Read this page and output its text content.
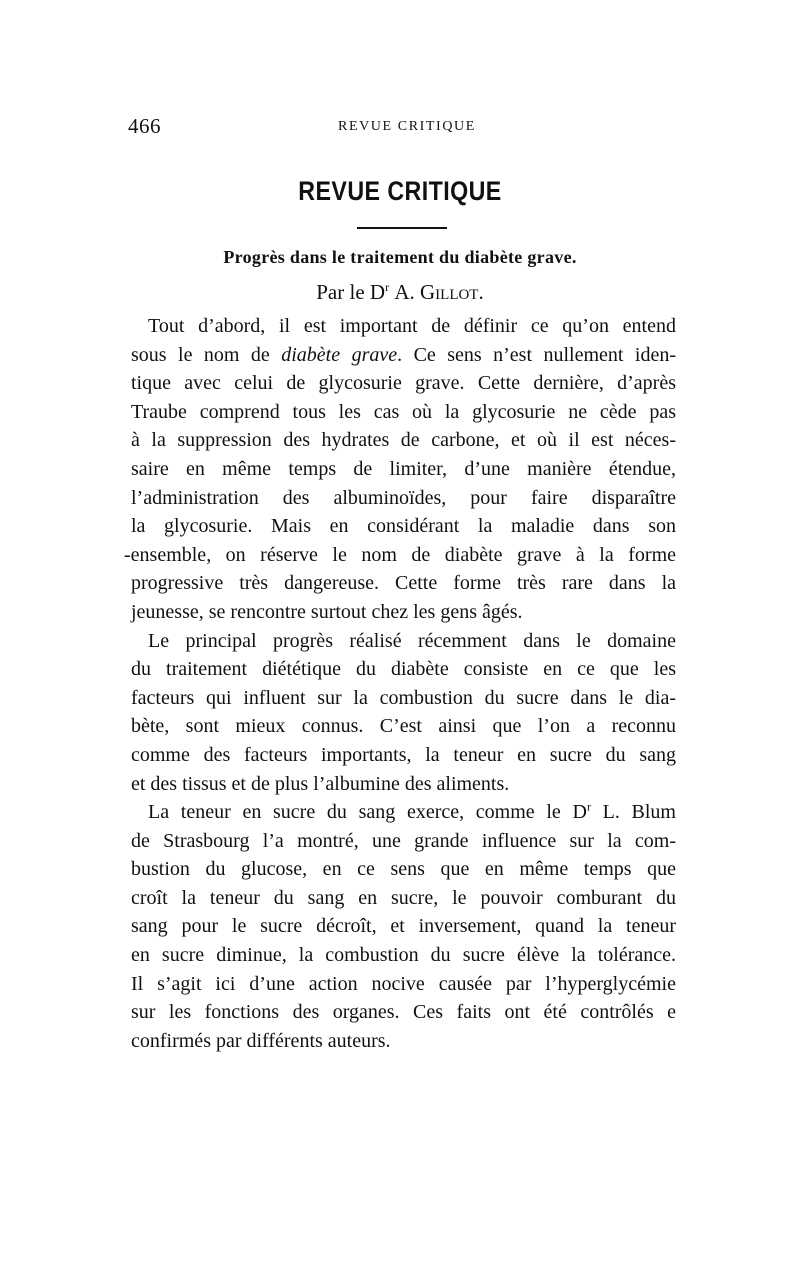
466	REVUE CRITIQUE
REVUE CRITIQUE
Progrès dans le traitement du diabète grave.
Par le $D^r$ A. Gillot.
Tout d’abord, il est important de définir ce qu’on entend
sous le nom de diabète grave. Ce sens n’est nullement iden-
tique avec celui de glycosurie grave. Cette dernière, d’après
Traube comprend tous les cas où la glycosurie ne cède pas
à la suppression des hydrates de carbone, et où il est néces-
saire en même temps de limiter, d’une manière étendue,
l’administration des albuminoïdes, pour faire disparaître
la glycosurie. Mais en considérant la maladie dans son
-ensemble, on réserve le nom de diabète grave à la forme
progressive très dangereuse. Cette forme très rare dans la
jeunesse, se rencontre surtout chez les gens âgés.
Le principal progrès réalisé récemment dans le domaine
du traitement diététique du diabète consiste en ce que les
facteurs qui influent sur la combustion du sucre dans le dia-
bète, sont mieux connus. C’est ainsi que l’on a reconnu
comme des facteurs importants, la teneur en sucre du sang
et des tissus et de plus l’albumine des aliments.
La teneur en sucre du sang exerce, comme le $D^r$ L. Blum
de Strasbourg l’a montré, une grande influence sur la com-
bustion du glucose, en ce sens que en même temps que
croît la teneur du sang en sucre, le pouvoir comburant du
sang pour le sucre décroît, et inversement, quand la teneur
en sucre diminue, la combustion du sucre élève la tolérance.
Il s’agit ici d’une action nocive causée par l’hyperglycémie
sur les fonctions des organes. Ces faits ont été contrôlés e
confirmés par différents auteurs.
